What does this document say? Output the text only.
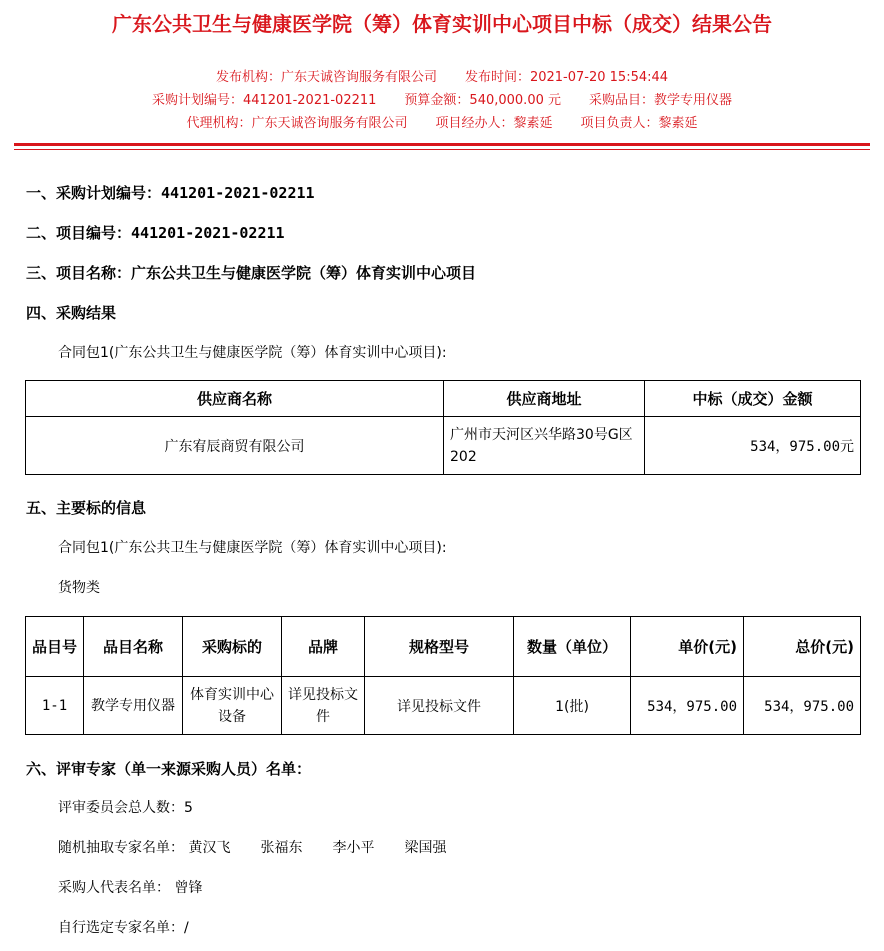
广东公共卫生与健康医学院（筹）体育实训中心项目中标（成交）结果公告
发布机构：广东天诚咨询服务有限公司 发布时间：2021-07-20 15:54:44
采购计划编号：441201-2021-02211 预算金额：540,000.00 元 采购品目：教学专用仪器
代理机构：广东天诚咨询服务有限公司 项目经办人：黎素延 项目负责人：黎素延
一、采购计划编号：441201-2021-02211
二、项目编号：441201-2021-02211
三、项目名称：广东公共卫生与健康医学院（筹）体育实训中心项目
四、采购结果
合同包1(广东公共卫生与健康医学院（筹）体育实训中心项目):
供应商名称	供应商地址	中标（成交）金额
广东宥辰商贸有限公司	广州市天河区兴华路30号G区202	534，975.00元
五、主要标的信息
合同包1(广东公共卫生与健康医学院（筹）体育实训中心项目):
货物类
品目号	品目名称	采购标的	品牌	规格型号	数量（单位）	单价(元)	总价(元)
1-1	教学专用仪器	体育实训中心设备	详见投标文件	详见投标文件	1(批)	534，975.00	534，975.00
六、评审专家（单一来源采购人员）名单：
评审委员会总人数：5
随机抽取专家名单： 黄汉飞 张福东 李小平 梁国强
采购人代表名单： 曾锋
自行选定专家名单：/
